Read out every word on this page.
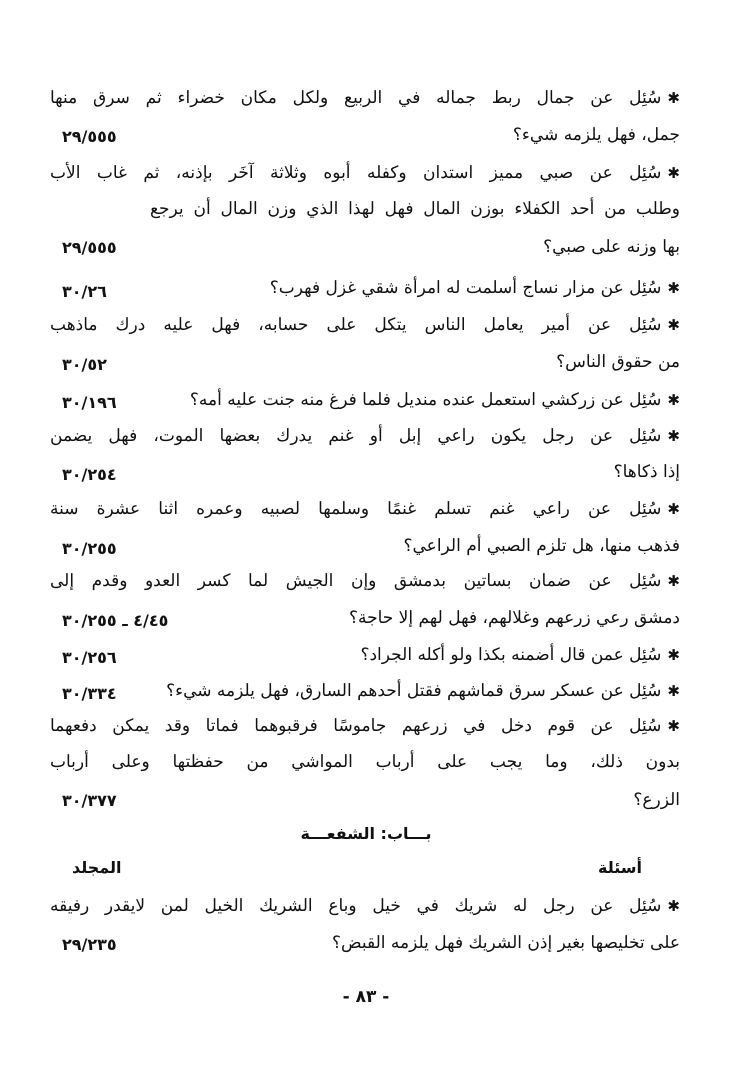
✱سُئِل عن جمال ربط جماله في الربيع ولكل مكان خضراء ثم سرق منها
جمل، فهل يلزمه شيء؟
٢٩/٥٥٥
✱سُئِل عن صبي مميز استدان وكفله أبوه وثلاثة آخَر بإذنه، ثم غاب الأب
وطلب من أحد الكفلاء بوزن المال فهل لهذا الذي وزن المال أن يرجع
بها وزنه على صبي؟
٢٩/٥٥٥
✱سُئِل عن مزار نساج أسلمت له امرأة شقي غزل فهرب؟
٣٠/٢٦
✱سُئِل عن أمير يعامل الناس يتكل على حسابه، فهل عليه درك ماذهب
من حقوق الناس؟
٣٠/٥٢
✱سُئِل عن زركشي استعمل عنده منديل فلما فرغ منه جنت عليه أمه؟
٣٠/١٩٦
✱سُئِل عن رجل يكون راعي إبل أو غنم يدرك بعضها الموت، فهل يضمن
إذا ذكاها؟
٣٠/٢٥٤
✱سُئِل عن راعي غنم تسلم غنمًا وسلمها لصبيه وعمره اثنا عشرة سنة
فذهب منها، هل تلزم الصبي أم الراعي؟
٣٠/٢٥٥
✱سُئِل عن ضمان بساتين بدمشق وإن الجيش لما كسر العدو وقدم إلى
دمشق رعي زرعهم وغلالهم، فهل لهم إلا حاجة؟
٤/٤٥ ـ ٣٠/٢٥٥
✱سُئِل عمن قال أضمنه بكذا ولو أكله الجراد؟
٣٠/٢٥٦
✱سُئِل عن عسكر سرق قماشهم فقتل أحدهم السارق، فهل يلزمه شيء؟
٣٠/٣٣٤
✱سُئِل عن قوم دخل في زرعهم جاموسًا فرقبوهما فماتا وقد يمكن دفعهما
بدون ذلك، وما يجب على أرباب المواشي من حفظتها وعلى أرباب
الزرع؟
٣٠/٣٧٧
بـــاب: الشفعـــة
أسئلة
المجلد
✱سُئِل عن رجل له شريك في خيل وباع الشريك الخيل لمن لايقدر رفيقه
على تخليصها بغير إذن الشريك فهل يلزمه القبض؟
٢٩/٢٣٥
- ٨٣ -
